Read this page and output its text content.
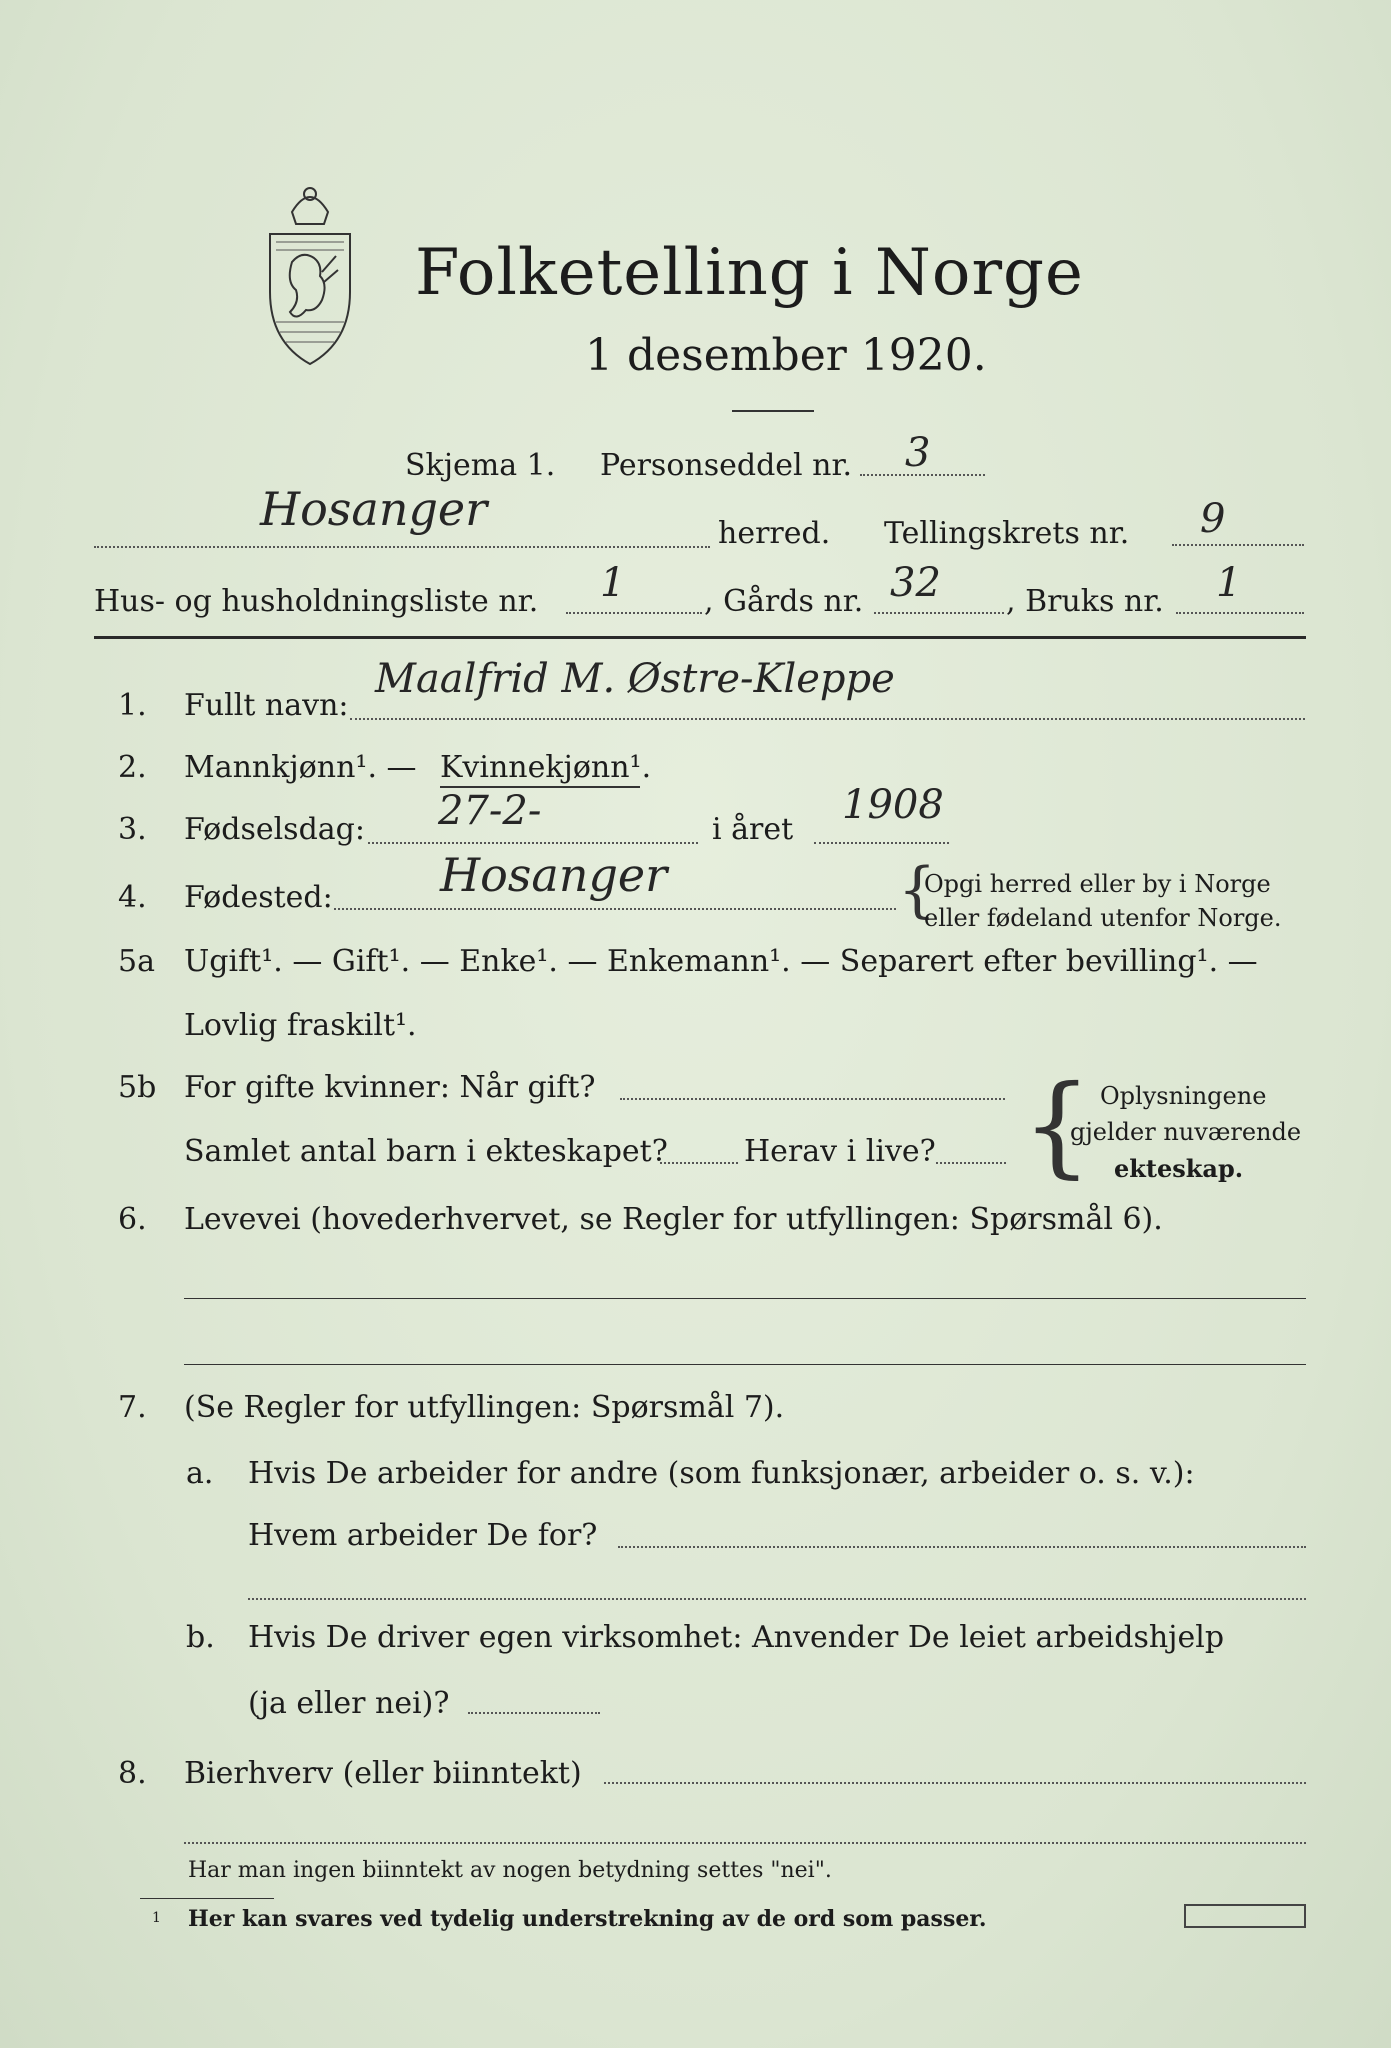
Folketelling i Norge
1 desember 1920.
Skjema 1. Personseddel nr. 3
Hosanger	herred. Tellingskrets nr. 9
Hus- og husholdningsliste nr. 1	, Gårds nr. 32 , Bruks nr. 1
1. Fullt navn:
Maalfrid M. Østre-Kleppe
2. Mannkjønn¹. — Kvinnekjønn¹.
3. Fødselsdag: 27-2-	i året
1908
4. Fødested: Hosanger	{
Opgi herred eller by i Norge
eller fødeland utenfor Norge.
5a Ugift¹. — Gift¹. — Enke¹. — Enkemann¹. — Separert efter bevilling¹. —
Lovlig fraskilt¹.
5b For gifte kvinner: Når gift?
Samlet antal barn i ekteskapet?	Herav i live? { Oplysningene
gjelder nuværende
ekteskap.
6. Levevei (hovederhvervet, se Regler for utfyllingen: Spørsmål 6).
7. (Se Regler for utfyllingen: Spørsmål 7).
a. Hvis De arbeider for andre (som funksjonær, arbeider o. s. v.):
Hvem arbeider De for?
b. Hvis De driver egen virksomhet: Anvender De leiet arbeidshjelp
(ja eller nei)?
8. Bierhverv (eller biinntekt)
Har man ingen biinntekt av nogen betydning settes "nei".
1 Her kan svares ved tydelig understrekning av de ord som passer.
